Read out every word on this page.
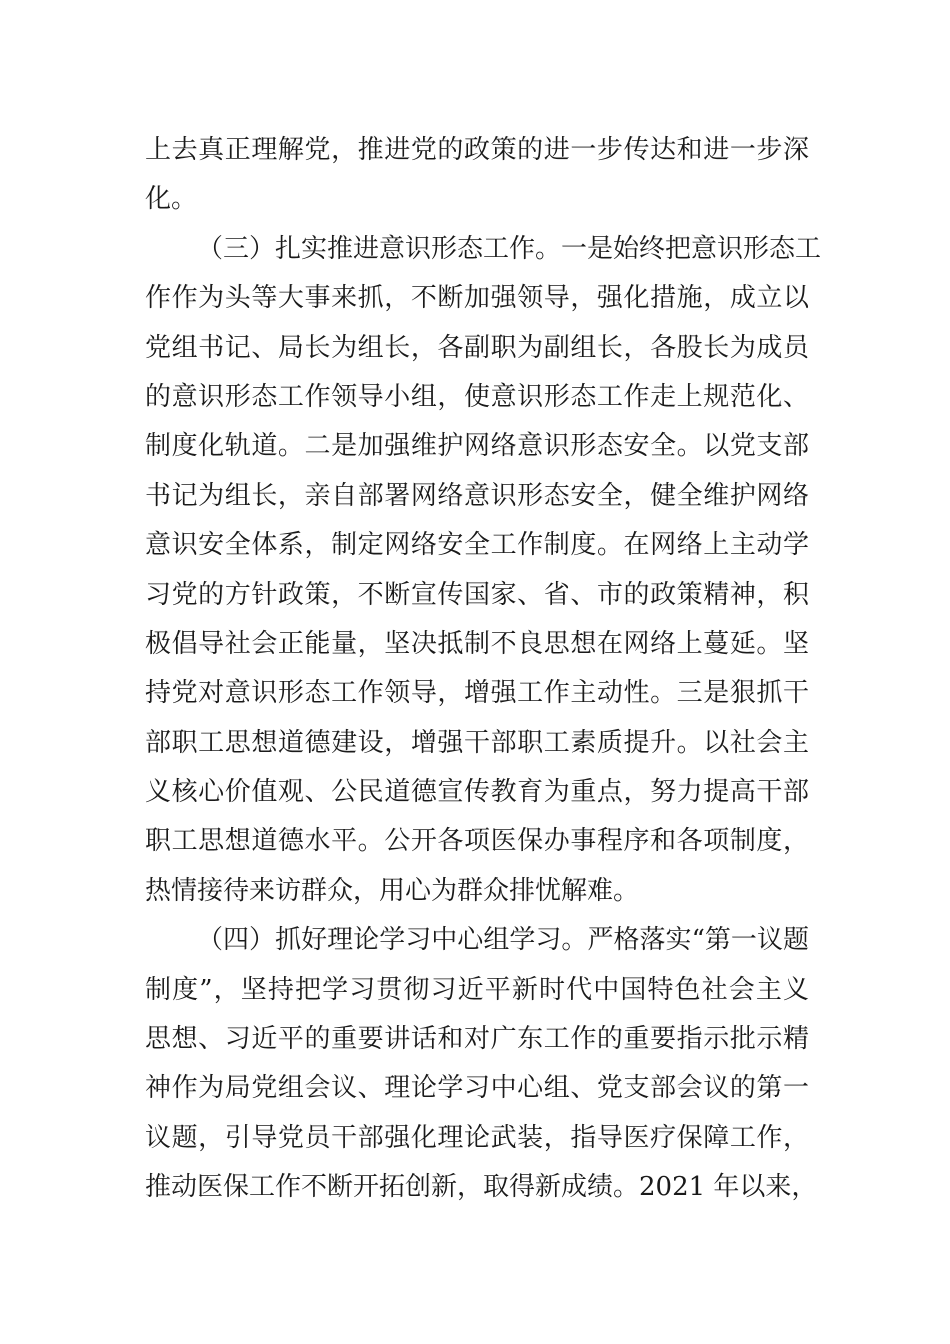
上去真正理解党，推进党的政策的进一步传达和进一步深
化。
（三）扎实推进意识形态工作。一是始终把意识形态工
作作为头等大事来抓，不断加强领导，强化措施，成立以
党组书记、局长为组长，各副职为副组长，各股长为成员
的意识形态工作领导小组，使意识形态工作走上规范化、
制度化轨道。二是加强维护网络意识形态安全。以党支部
书记为组长，亲自部署网络意识形态安全，健全维护网络
意识安全体系，制定网络安全工作制度。在网络上主动学
习党的方针政策，不断宣传国家、省、市的政策精神，积
极倡导社会正能量，坚决抵制不良思想在网络上蔓延。坚
持党对意识形态工作领导，增强工作主动性。三是狠抓干
部职工思想道德建设，增强干部职工素质提升。以社会主
义核心价值观、公民道德宣传教育为重点，努力提高干部
职工思想道德水平。公开各项医保办事程序和各项制度，
热情接待来访群众，用心为群众排忧解难。
（四）抓好理论学习中心组学习。严格落实“第一议题
制度”，坚持把学习贯彻习近平新时代中国特色社会主义
思想、习近平的重要讲话和对广东工作的重要指示批示精
神作为局党组会议、理论学习中心组、党支部会议的第一
议题，引导党员干部强化理论武装，指导医疗保障工作，
推动医保工作不断开拓创新，取得新成绩。2021 年以来，
